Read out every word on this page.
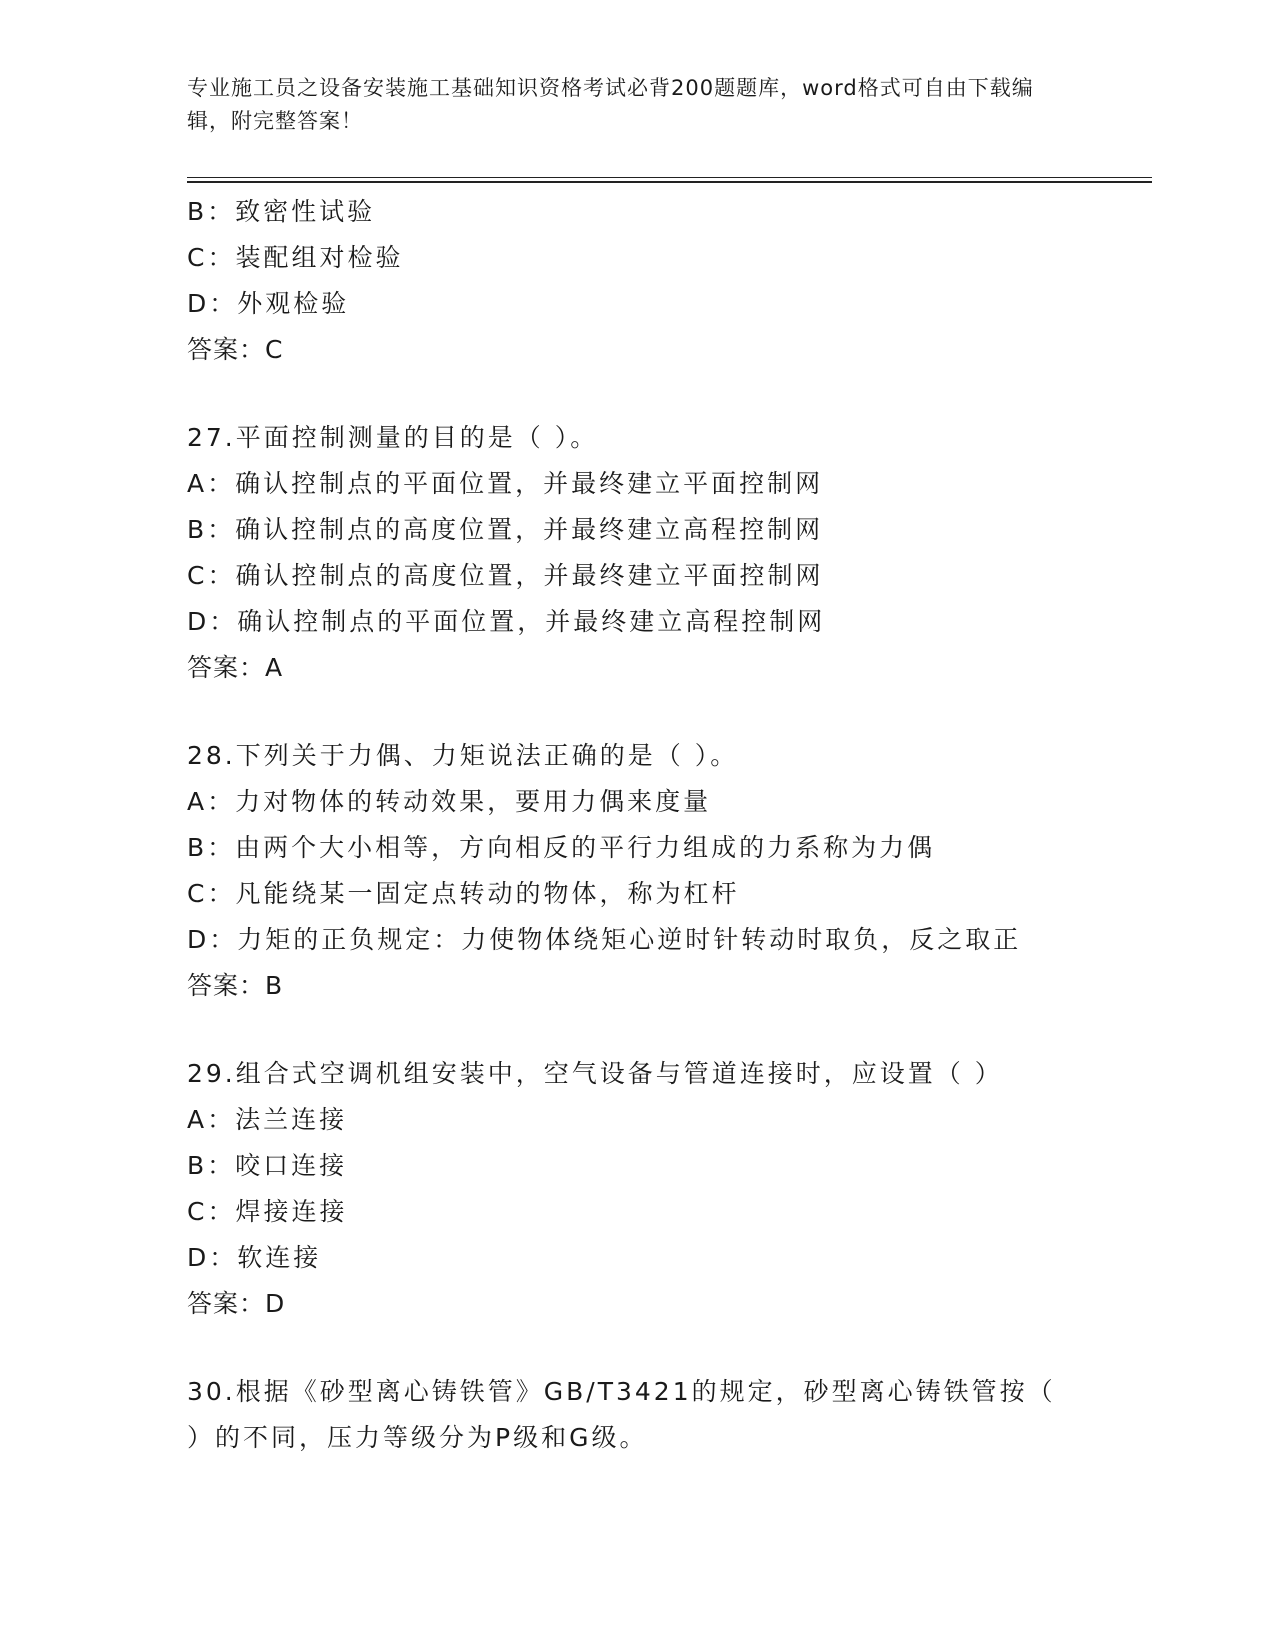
专业施工员之设备安装施工基础知识资格考试必背200题题库，word格式可自由下载编辑，附完整答案！

B：致密性试验

C：装配组对检验

D：外观检验

答案：C

27.平面控制测量的目的是（ ）。

A：确认控制点的平面位置，并最终建立平面控制网

B：确认控制点的高度位置，并最终建立高程控制网

C：确认控制点的高度位置，并最终建立平面控制网

D：确认控制点的平面位置，并最终建立高程控制网

答案：A

28.下列关于力偶、力矩说法正确的是（ ）。

A：力对物体的转动效果，要用力偶来度量

B：由两个大小相等，方向相反的平行力组成的力系称为力偶

C：凡能绕某一固定点转动的物体，称为杠杆

D：力矩的正负规定：力使物体绕矩心逆时针转动时取负，反之取正

答案：B

29.组合式空调机组安装中，空气设备与管道连接时，应设置（ ）

A：法兰连接

B：咬口连接

C：焊接连接

D：软连接

答案：D

30.根据《砂型离心铸铁管》GB/T3421的规定，砂型离心铸铁管按（

）的不同，压力等级分为P级和G级。
